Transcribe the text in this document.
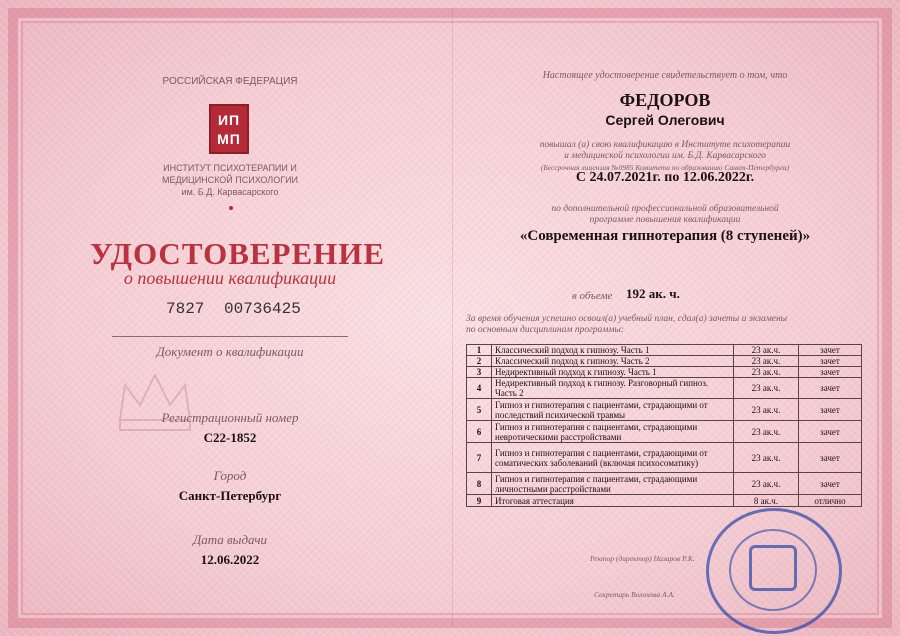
РОССИЙСКАЯ ФЕДЕРАЦИЯ
ИП
МП
ИНСТИТУТ ПСИХОТЕРАПИИ И
МЕДИЦИНСКОЙ ПСИХОЛОГИИ
им. Б.Д. Карвасарского
УДОСТОВЕРЕНИЕ
о повышении квалификации
7827 00736425
Документ о квалификации
Регистрационный номер
С22-1852
Город
Санкт-Петербург
Дата выдачи
12.06.2022
Настоящее удостоверение свидетельствует о том, что
ФЕДОРОВ
Сергей Олегович
повышал (а) свою квалификацию в Институте психотерапии
и медицинской психологии им. Б.Д. Карвасарского
(Бессрочная лицензия №0985 Комитета по образованию Санкт-Петербурга)
С 24.07.2021г. по 12.06.2022г.
по дополнительной профессиональной образовательной
программе повышения квалификации
«Современная гипнотерапия (8 ступеней)»
в объеме 192 ак. ч.
За время обучения успешно освоил(а) учебный план, сдал(а) зачеты и экзамены
по основным дисциплинам программы:
1	Классический подход к гипнозу. Часть 1	23 ак.ч.	зачет
2	Классический подход к гипнозу. Часть 2	23 ак.ч.	зачет
3	Недирективный подход к гипнозу. Часть 1	23 ак.ч.	зачет
4	Недирективный подход к гипнозу. Разговорный гипноз. Часть 2	23 ак.ч.	зачет
5	Гипноз и гипнотерапия с пациентами, страдающими от последствий психической травмы	23 ак.ч.	зачет
6	Гипноз и гипнотерапия с пациентами, страдающими невротическими расстройствами	23 ак.ч.	зачет
7	Гипноз и гипнотерапия с пациентами, страдающими от соматических заболеваний (включая психосоматику)	23 ак.ч.	зачет
8	Гипноз и гипнотерапия с пациентами, страдающими личностными расстройствами	23 ак.ч.	зачет
9	Итоговая аттестация	8 ак.ч.	отлично
Ректор (директор) Назаров Р.К.
Секретарь Волохова А.А.
